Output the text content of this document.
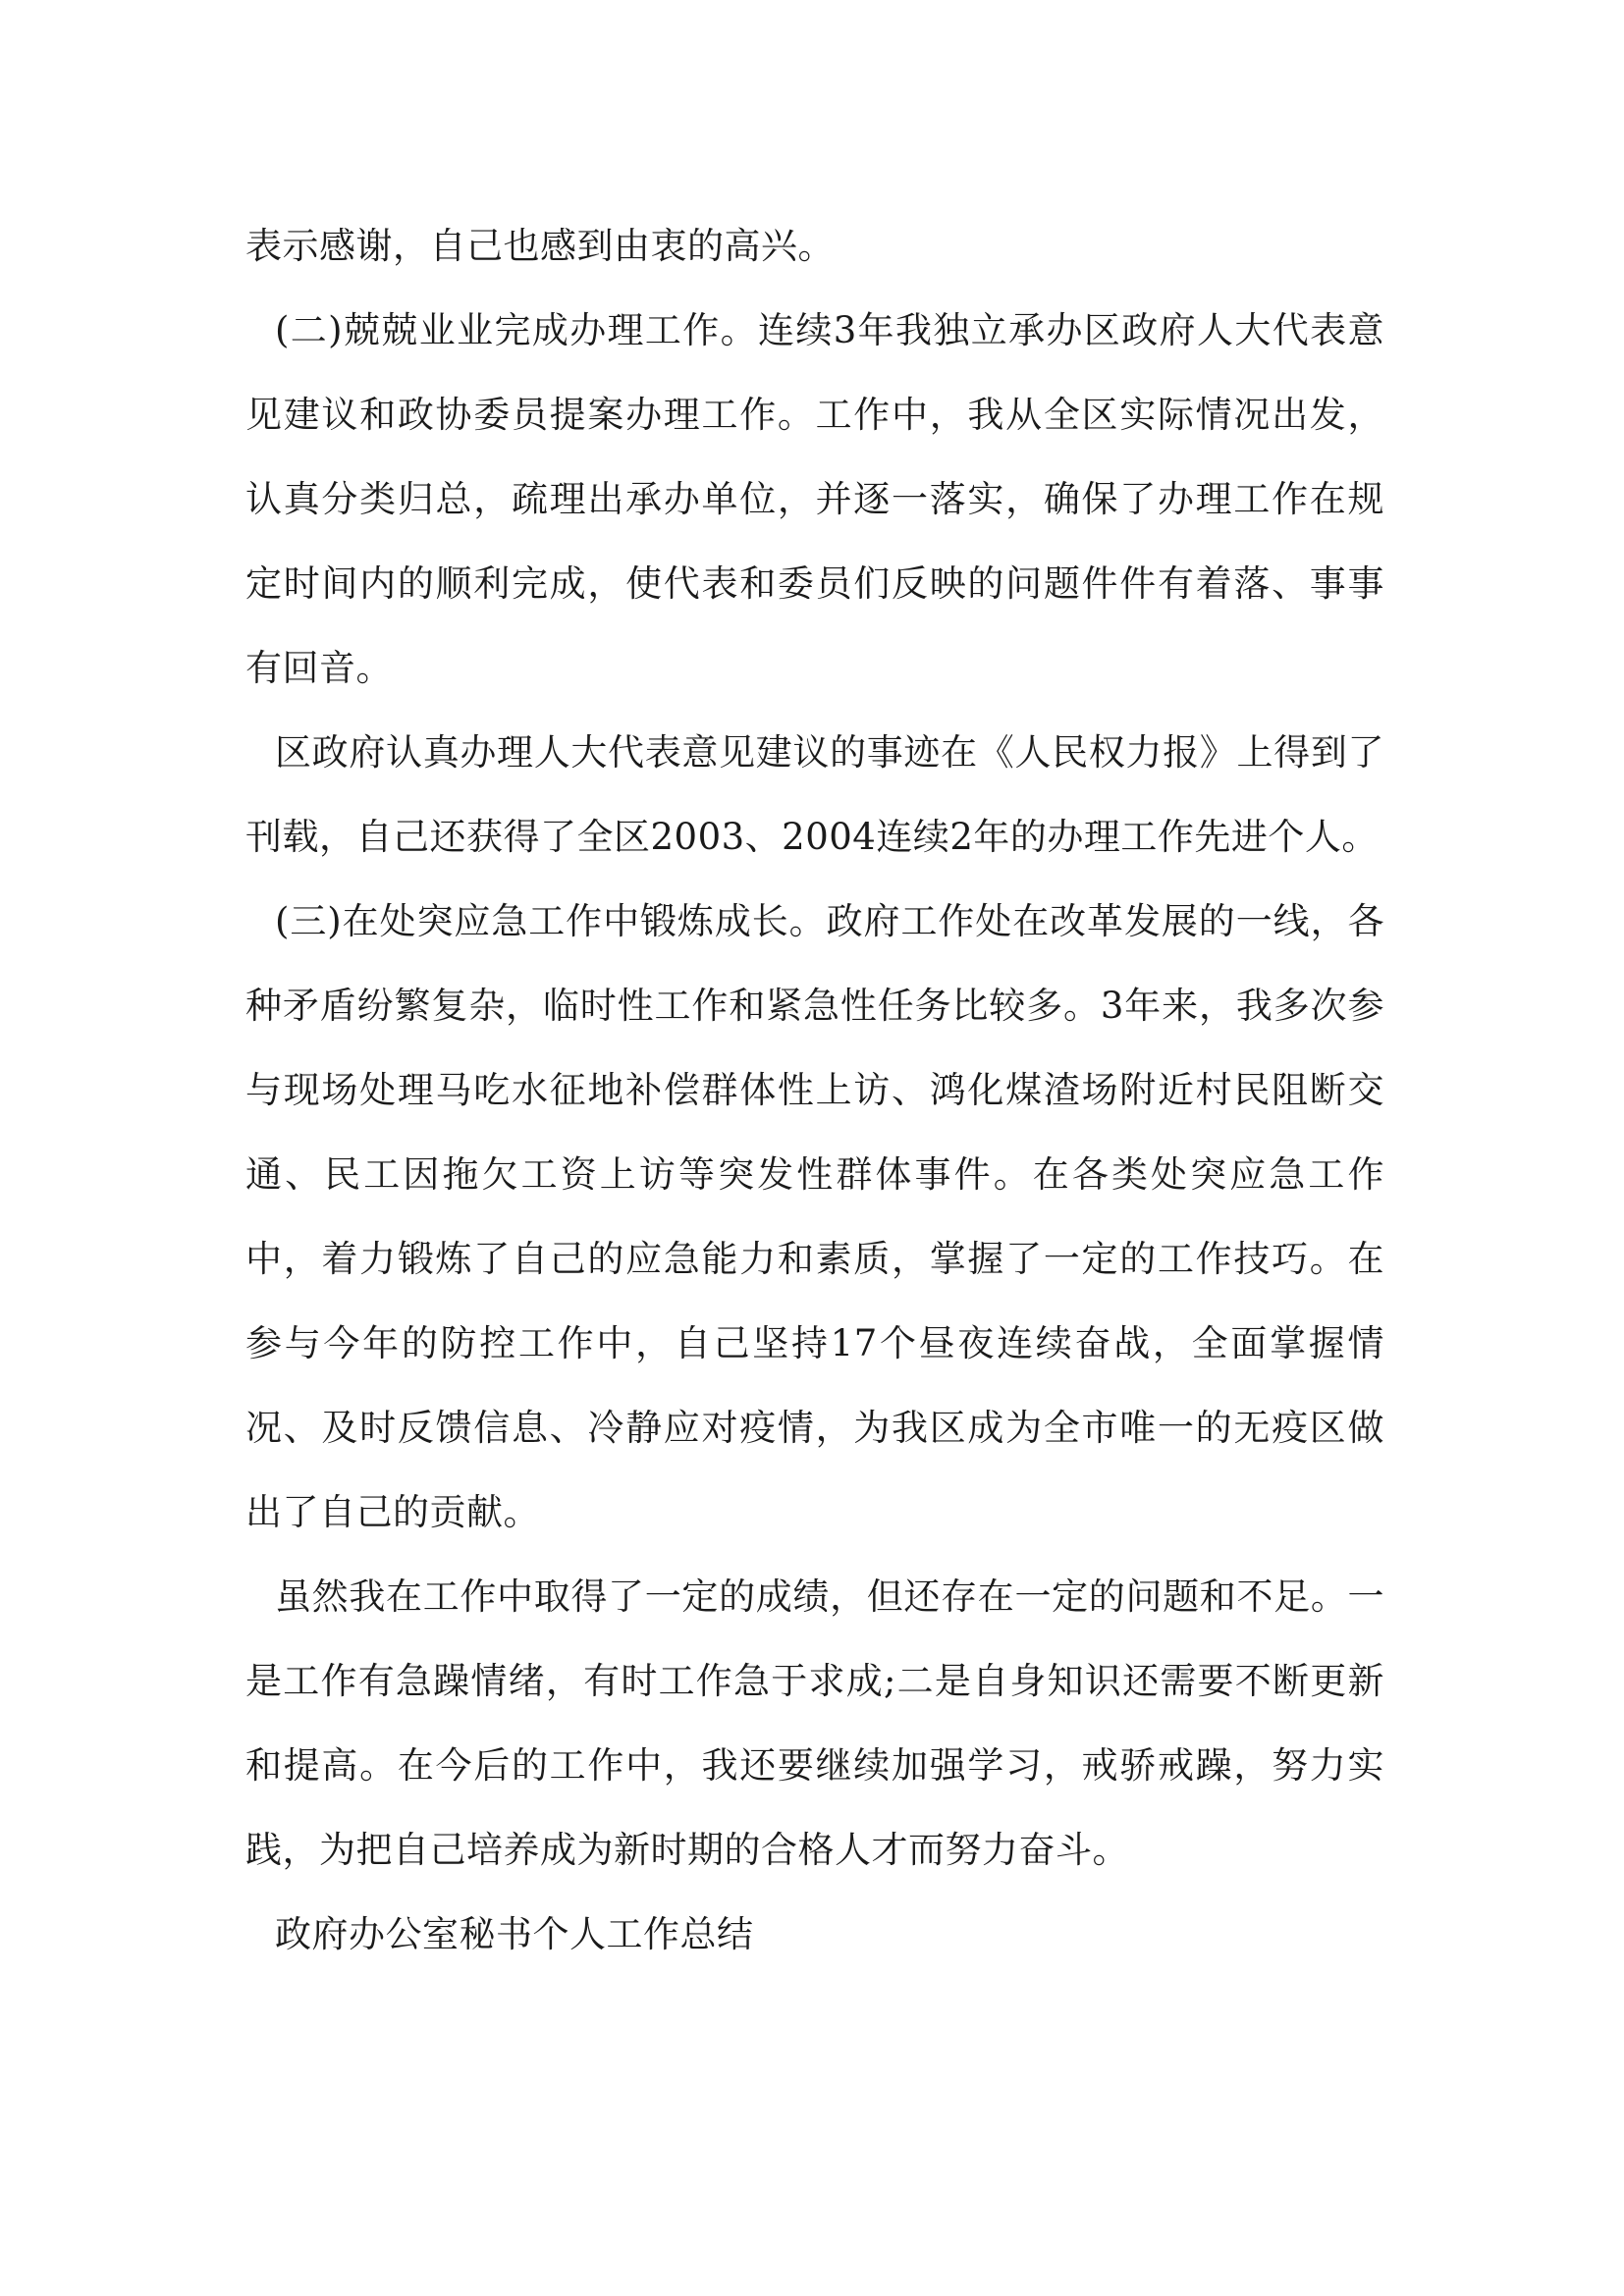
表示感谢，自己也感到由衷的高兴。

(二)兢兢业业完成办理工作。连续3年我独立承办区政府人大代表意见建议和政协委员提案办理工作。工作中，我从全区实际情况出发，认真分类归总，疏理出承办单位，并逐一落实，确保了办理工作在规定时间内的顺利完成，使代表和委员们反映的问题件件有着落、事事有回音。

区政府认真办理人大代表意见建议的事迹在《人民权力报》上得到了刊载，自己还获得了全区2003、2004连续2年的办理工作先进个人。

(三)在处突应急工作中锻炼成长。政府工作处在改革发展的一线，各种矛盾纷繁复杂，临时性工作和紧急性任务比较多。3年来，我多次参与现场处理马吃水征地补偿群体性上访、鸿化煤渣场附近村民阻断交通、民工因拖欠工资上访等突发性群体事件。在各类处突应急工作中，着力锻炼了自己的应急能力和素质，掌握了一定的工作技巧。在参与今年的防控工作中，自己坚持17个昼夜连续奋战，全面掌握情况、及时反馈信息、冷静应对疫情，为我区成为全市唯一的无疫区做出了自己的贡献。

虽然我在工作中取得了一定的成绩，但还存在一定的问题和不足。一是工作有急躁情绪，有时工作急于求成;二是自身知识还需要不断更新和提高。在今后的工作中，我还要继续加强学习，戒骄戒躁，努力实践，为把自己培养成为新时期的合格人才而努力奋斗。

政府办公室秘书个人工作总结
